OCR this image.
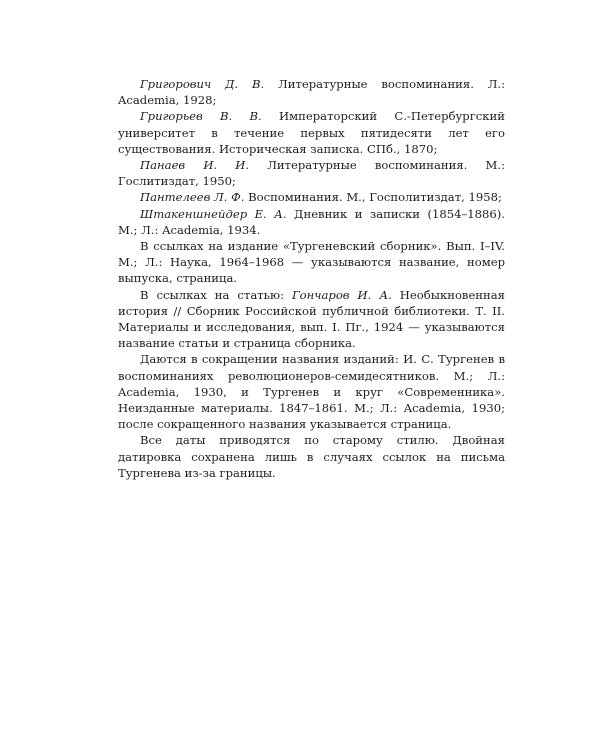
Григорович Д. В. Литературные воспоминания. Л.: Academia, 1928;

Григорьев В. В. Императорский С.-Петербургский университет в течение первых пятидесяти лет его существования. Историческая записка. СПб., 1870;

Панаев И. И. Литературные воспоминания. М.: Гослитиздат, 1950;

Пантелеев Л. Ф. Воспоминания. М., Госполитиздат, 1958;

Штакеншнейдер Е. А. Дневник и записки (1854–1886). М.; Л.: Academia, 1934.

В ссылках на издание «Тургеневский сборник». Вып. I–IV. М.; Л.: Наука, 1964–1968 — указываются название, номер выпуска, страница.

В ссылках на статью: Гончаров И. А. Необыкновенная история // Сборник Российской публичной библиотеки. Т. II. Материалы и исследования, вып. I. Пг., 1924 — указываются название статьи и страница сборника.

Даются в сокращении названия изданий: И. С. Тургенев в воспоминаниях революционеров-семидесятников. М.; Л.: Academia, 1930, и Тургенев и круг «Современника». Неизданные материалы. 1847–1861. М.; Л.: Academia, 1930; после сокращенного названия указывается страница.

Все даты приводятся по старому стилю. Двойная датировка сохранена лишь в случаях ссылок на письма Тургенева из-за границы.
